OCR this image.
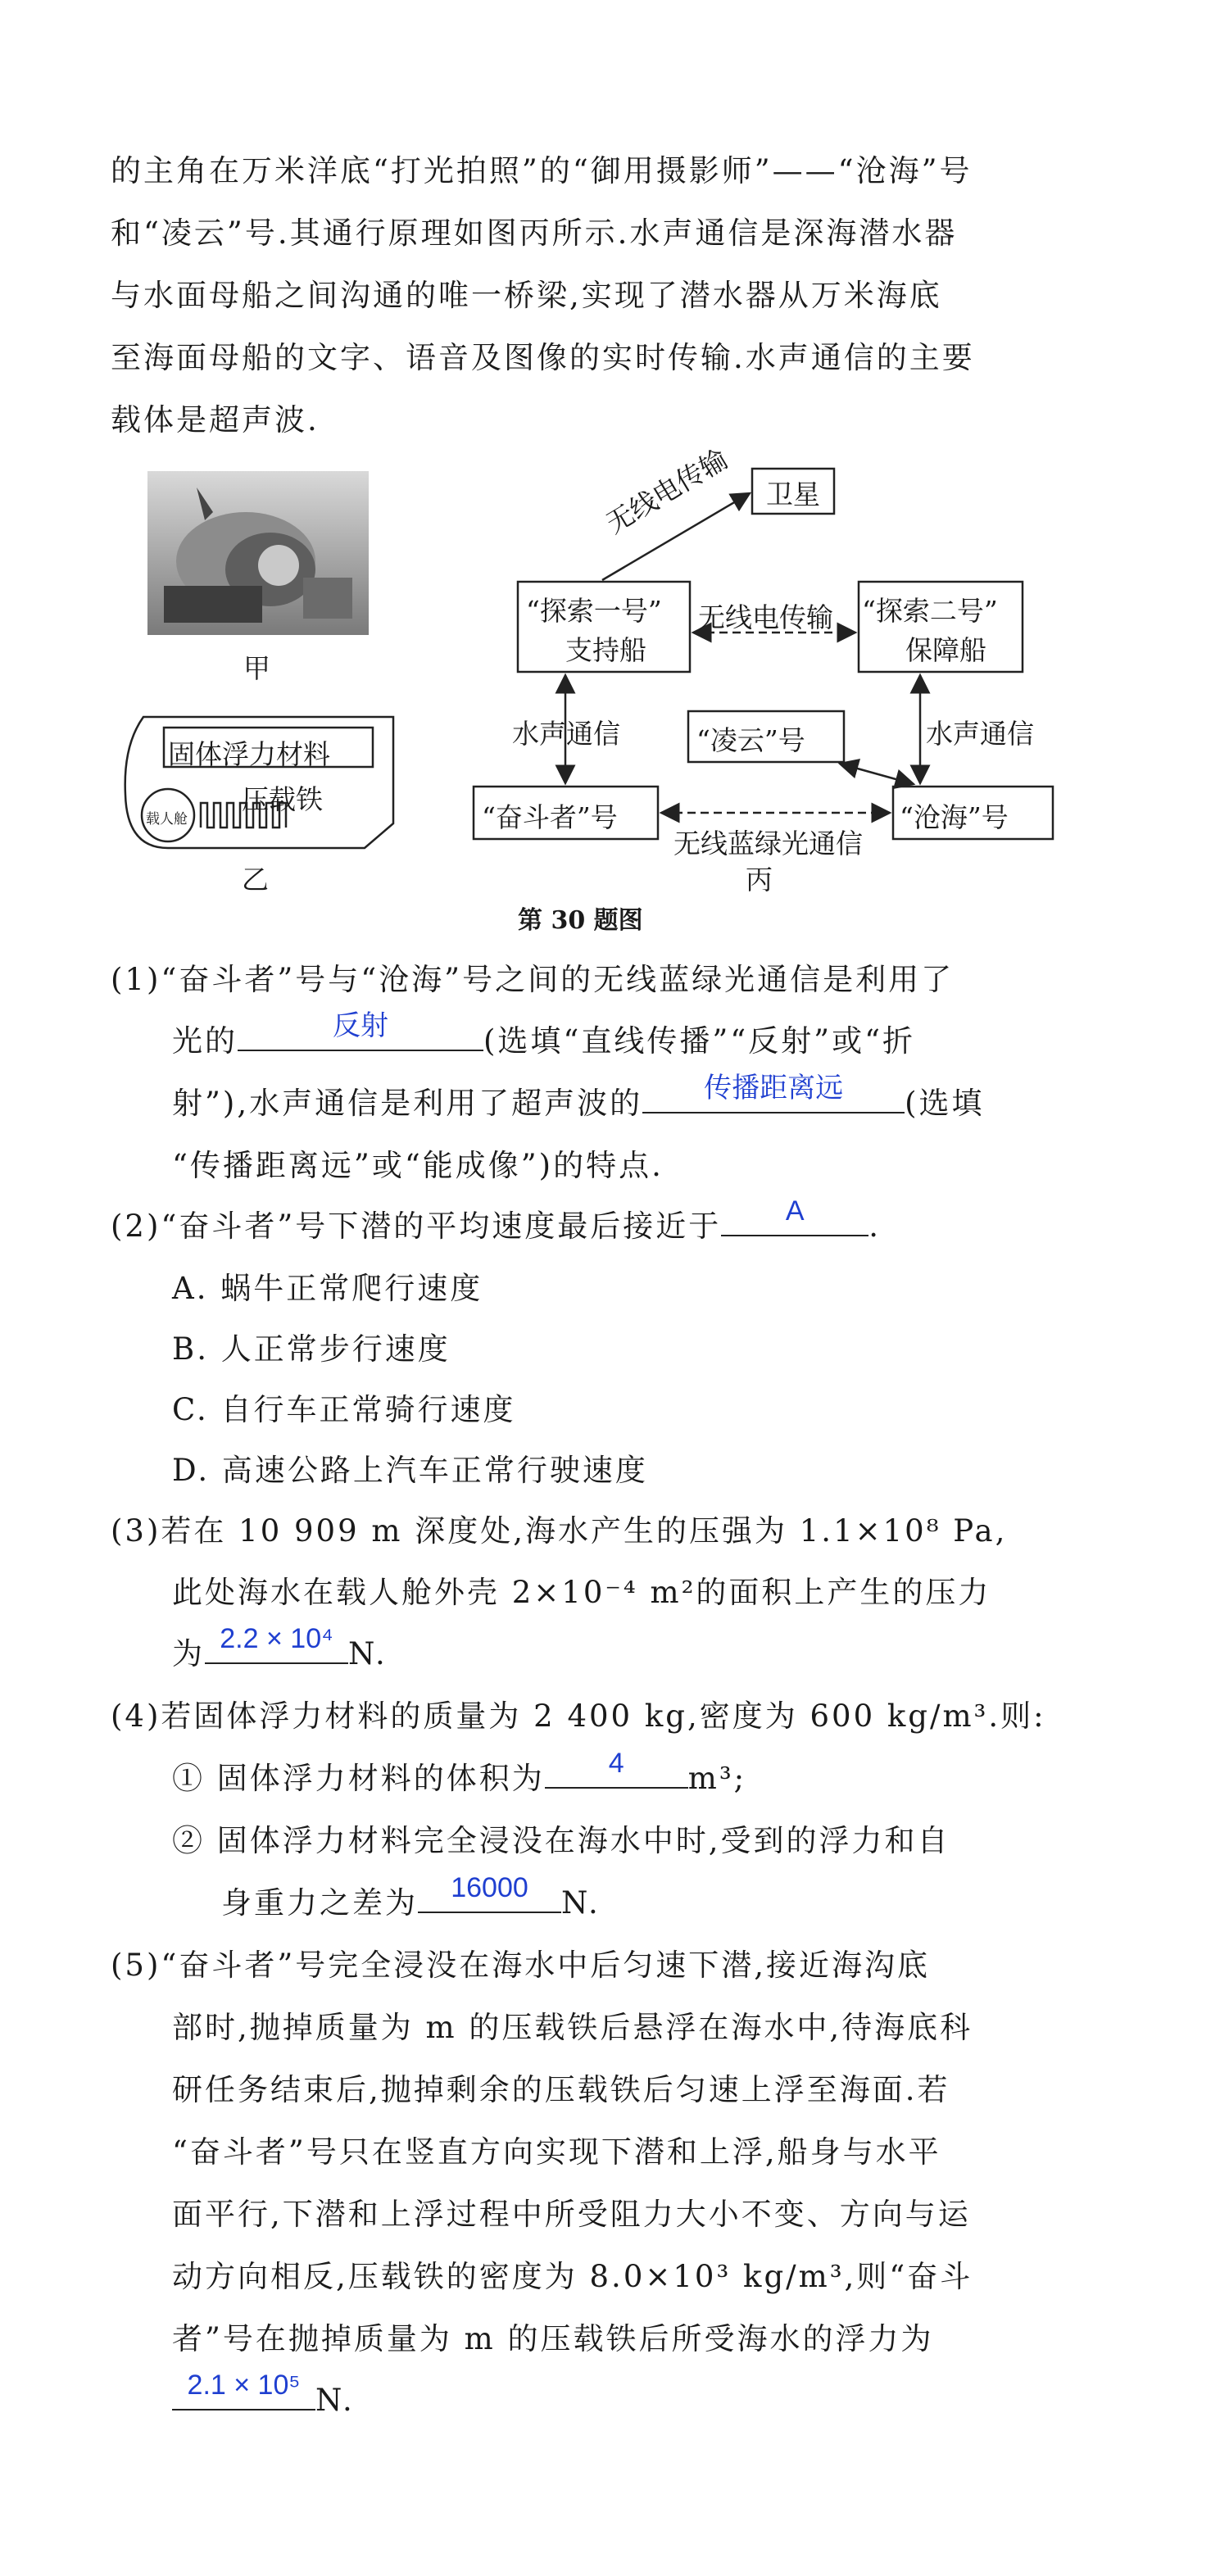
的主角在万米洋底“打光拍照”的“御用摄影师”——“沧海”号
和“凌云”号.其通行原理如图丙所示.水声通信是深海潜水器
与水面母船之间沟通的唯一桥梁,实现了潜水器从万米海底
至海面母船的文字、语音及图像的实时传输.水声通信的主要
载体是超声波.
甲
固体浮力材料
载人舱
压载铁
乙
卫星
无线电传输
“探索一号”
支持船
无线电传输 “探索二号”
保障船
水声通信	“凌云”号	水声通信
“奋斗者”号	“沧海”号
无线蓝绿光通信
丙
第 30 题图
(1)“奋斗者”号与“沧海”号之间的无线蓝绿光通信是利用了
光的	反射	(选填“直线传播”“反射”或“折
射”),水声通信是利用了超声波的	传播距离远	(选填
“传播距离远”或“能成像”)的特点.
(2)“奋斗者”号下潜的平均速度最后接近于	A	.
A. 蜗牛正常爬行速度
B. 人正常步行速度
C. 自行车正常骑行速度
D. 高速公路上汽车正常行驶速度
(3)若在 10 909 m 深度处,海水产生的压强为 1.1×10⁸ Pa,
此处海水在载人舱外壳 2×10⁻⁴ m²的面积上产生的压力
为 2.2 × 10⁴ N.
(4)若固体浮力材料的质量为 2 400 kg,密度为 600 kg/m³.则:
① 固体浮力材料的体积为	4	m³;
② 固体浮力材料完全浸没在海水中时,受到的浮力和自
身重力之差为	16000	N.
(5)“奋斗者”号完全浸没在海水中后匀速下潜,接近海沟底
部时,抛掉质量为 m 的压载铁后悬浮在海水中,待海底科
研任务结束后,抛掉剩余的压载铁后匀速上浮至海面.若
“奋斗者”号只在竖直方向实现下潜和上浮,船身与水平
面平行,下潜和上浮过程中所受阻力大小不变、方向与运
动方向相反,压载铁的密度为 8.0×10³ kg/m³,则“奋斗
者”号在抛掉质量为 m 的压载铁后所受海水的浮力为
2.1 × 10⁵ N.
